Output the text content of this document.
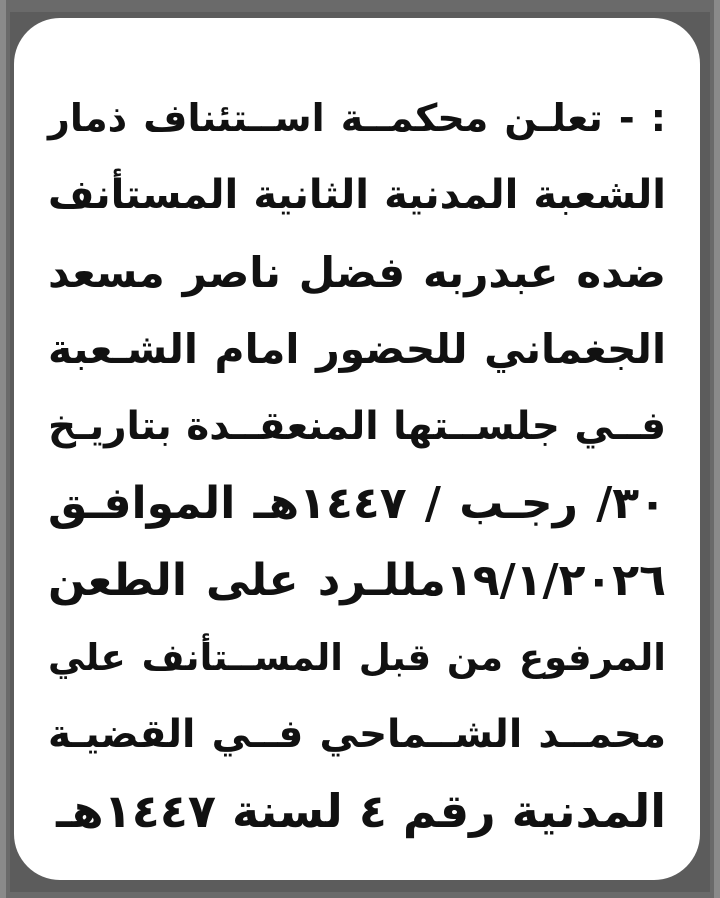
: - تعلـن محكمــة اســتئناف ذمار
الشعبة المدنية الثانية المستأنف
ضده عبدربه فضل ناصر مسعد
الجغماني للحضور امام الشـعبة
فــي جلســتها المنعقــدة بتاريـخ
٣٠/ رجـب / ١٤٤٧هـ الموافـق
١٩/١/٢٠٢٦مللـرد على الطعن
المرفوع من قبل المســتأنف علي
محمــد الشــماحي فــي القضيـة
المدنية رقم ٤ لسنة ١٤٤٧هـ
